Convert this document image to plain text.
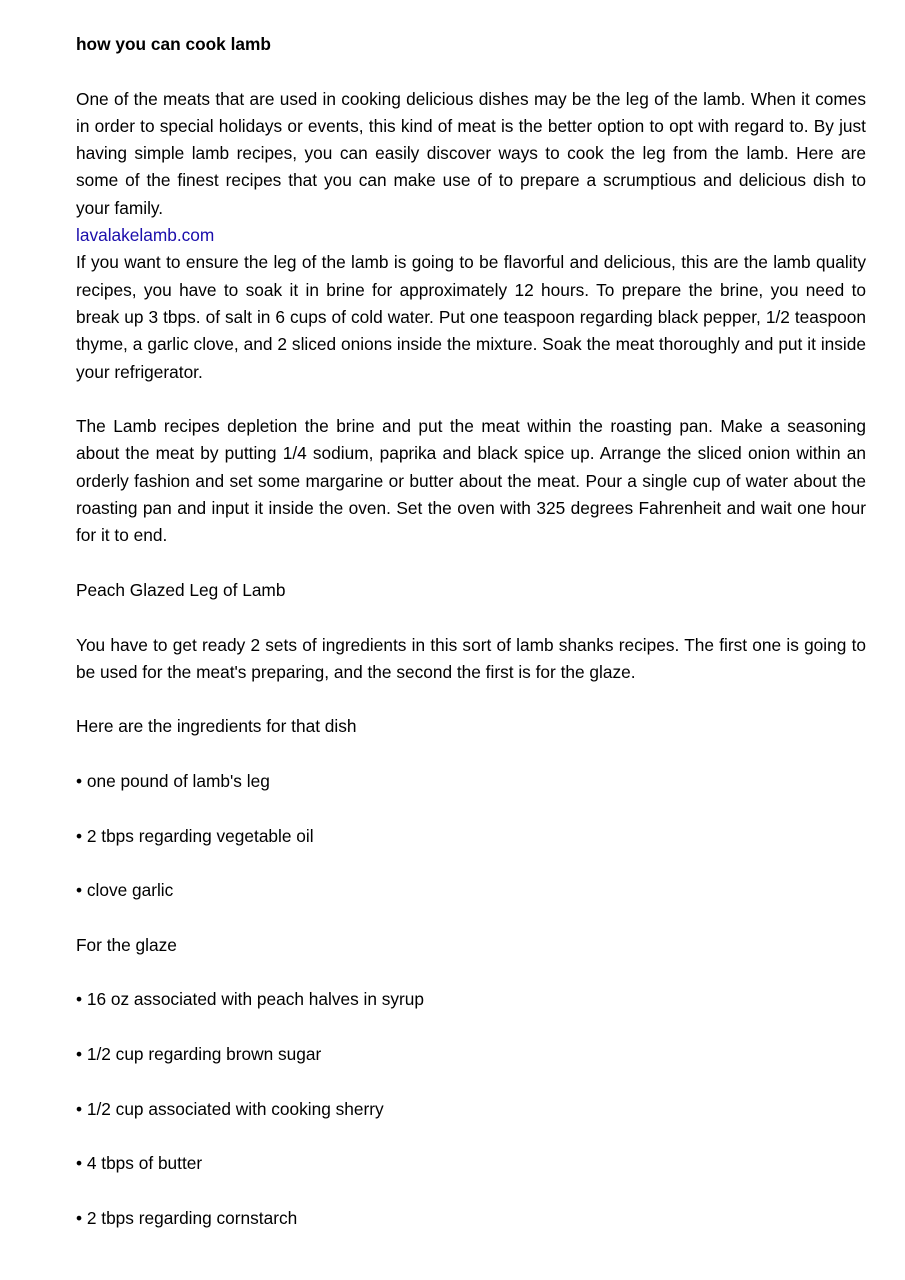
how you can cook lamb

One of the meats that are used in cooking delicious dishes may be the leg of the lamb. When it comes in order to special holidays or events, this kind of meat is the better option to opt with regard to. By just having simple lamb recipes, you can easily discover ways to cook the leg from the lamb. Here are some of the finest recipes that you can make use of to prepare a scrumptious and delicious dish to your family.

lavalakelamb.com

If you want to ensure the leg of the lamb is going to be flavorful and delicious, this are the lamb quality recipes, you have to soak it in brine for approximately 12 hours. To prepare the brine, you need to break up 3 tbps. of salt in 6 cups of cold water. Put one teaspoon regarding black pepper, 1/2 teaspoon thyme, a garlic clove, and 2 sliced onions inside the mixture. Soak the meat thoroughly and put it inside your refrigerator.

The Lamb recipes depletion the brine and put the meat within the roasting pan. Make a seasoning about the meat by putting 1/4 sodium, paprika and black spice up. Arrange the sliced onion within an orderly fashion and set some margarine or butter about the meat. Pour a single cup of water about the roasting pan and input it inside the oven. Set the oven with 325 degrees Fahrenheit and wait one hour for it to end.

Peach Glazed Leg of Lamb

You have to get ready 2 sets of ingredients in this sort of lamb shanks recipes. The first one is going to be used for the meat's preparing, and the second the first is for the glaze.

Here are the ingredients for that dish

• one pound of lamb's leg

• 2 tbps regarding vegetable oil

• clove garlic

For the glaze

• 16 oz associated with peach halves in syrup

• 1/2 cup regarding brown sugar

• 1/2 cup associated with cooking sherry

• 4 tbps of butter

• 2 tbps regarding cornstarch
